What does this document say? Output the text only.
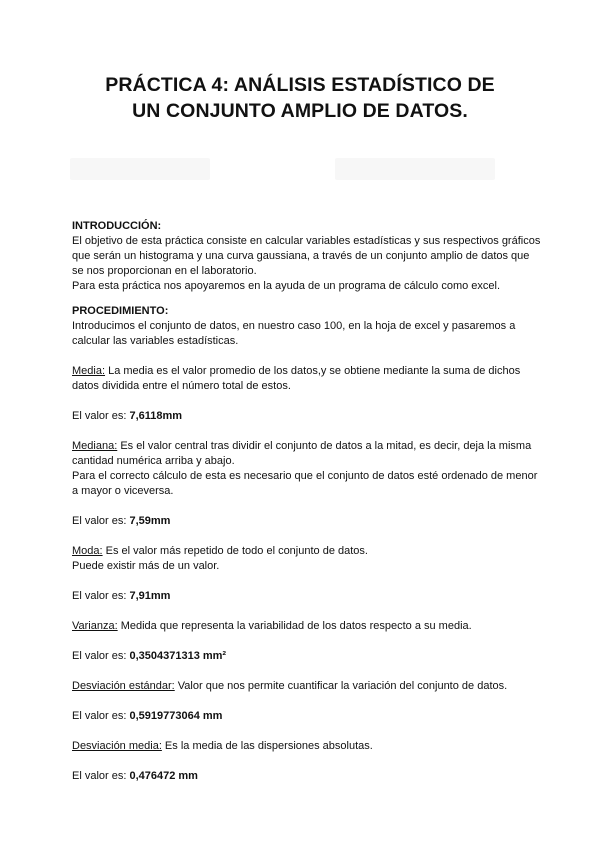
PRÁCTICA 4: ANÁLISIS ESTADÍSTICO DE
UN CONJUNTO AMPLIO DE DATOS.

INTRODUCCIÓN:

El objetivo de esta práctica consiste en calcular variables estadísticas y sus respectivos gráficos que serán un histograma y una curva gaussiana, a través de un conjunto amplio de datos que se nos proporcionan en el laboratorio.

Para esta práctica nos apoyaremos en la ayuda de un programa de cálculo como excel.

PROCEDIMIENTO:

Introducimos el conjunto de datos, en nuestro caso 100, en la hoja de excel y pasaremos a calcular las variables estadísticas.

Media: La media es el valor promedio de los datos,y se obtiene mediante la suma de dichos datos dividida entre el número total de estos.

El valor es: 7,6118mm

Mediana: Es el valor central tras dividir el conjunto de datos a la mitad, es decir, deja la misma cantidad numérica arriba y abajo.

Para el correcto cálculo de esta es necesario que el conjunto de datos esté ordenado de menor a mayor o viceversa.

El valor es: 7,59mm

Moda: Es el valor más repetido de todo el conjunto de datos.

Puede existir más de un valor.

El valor es: 7,91mm

Varianza: Medida que representa la variabilidad de los datos respecto a su media.

El valor es: 0,3504371313 mm²

Desviación estándar: Valor que nos permite cuantificar la variación del conjunto de datos.

El valor es: 0,5919773064 mm

Desviación media: Es la media de las dispersiones absolutas.

El valor es: 0,476472 mm
